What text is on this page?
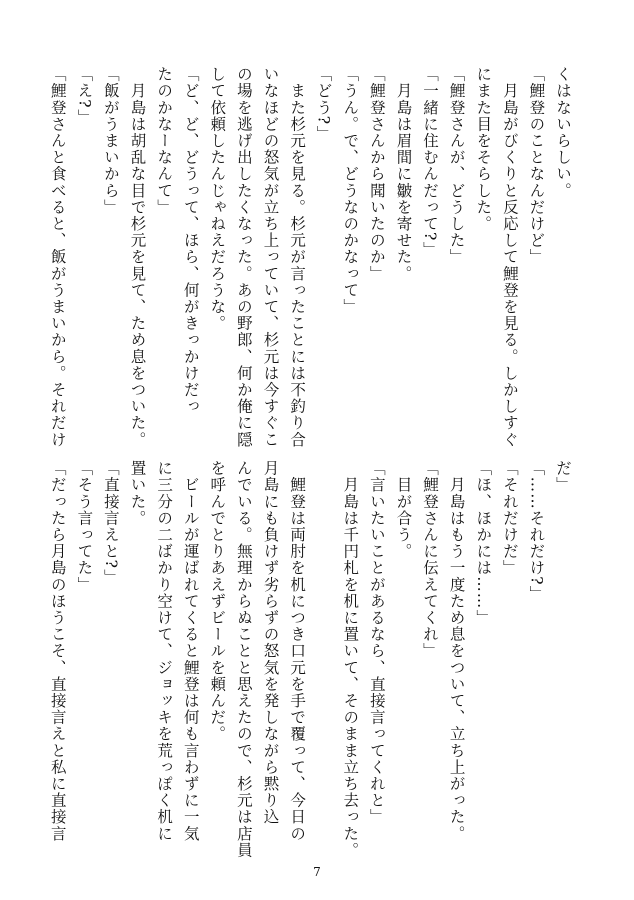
くはないらしい。
「鯉登のことなんだけど」
　月島がびくりと反応して鯉登を見る。しかしすぐ
にまた目をそらした。
「鯉登さんが、どうした」
「一緒に住むんだって?」
　月島は眉間に皺を寄せた。
「鯉登さんから聞いたのか」
「うん。で、どうなのかなって」
「どう?」
　また杉元を見る。杉元が言ったことには不釣り合
いなほどの怒気が立ち上っていて、杉元は今すぐこ
の場を逃げ出したくなった。あの野郎、何か俺に隠
して依頼したんじゃねえだろうな。
「ど、ど、どうって、ほら、何がきっかけだっ
たのかなーなんて」
　月島は胡乱な目で杉元を見て、ため息をついた。
「飯がうまいから」
「え?」
「鯉登さんと食べると、飯がうまいから。それだけ
だ」
「……それだけ?」
「それだけだ」
「ほ、ほかには……」
　月島はもう一度ため息をついて、立ち上がった。
「鯉登さんに伝えてくれ」
　目が合う。
「言いたいことがあるなら、直接言ってくれと」
　月島は千円札を机に置いて、そのまま立ち去った。

　鯉登は両肘を机につき口元を手で覆って、今日の
月島にも負けず劣らずの怒気を発しながら黙り込
んでいる。無理からぬことと思えたので、杉元は店員
を呼んでとりあえずビールを頼んだ。
　ビールが運ばれてくると鯉登は何も言わずに一気
に三分の二ばかり空けて、ジョッキを荒っぽく机に
置いた。
「直接言えと?」
「そう言ってた」
「だったら月島のほうこそ、直接言えと私に直接言
7
